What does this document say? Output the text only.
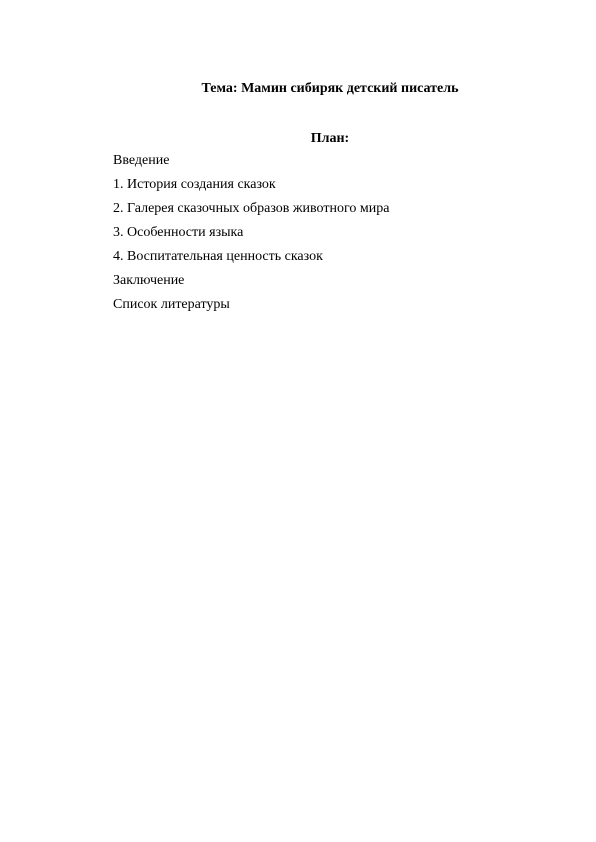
Тема: Мамин сибиряк детский писатель
План:
Введение
1. История создания сказок
2. Галерея сказочных образов животного мира
3. Особенности языка
4. Воспитательная ценность сказок
Заключение
Список литературы
